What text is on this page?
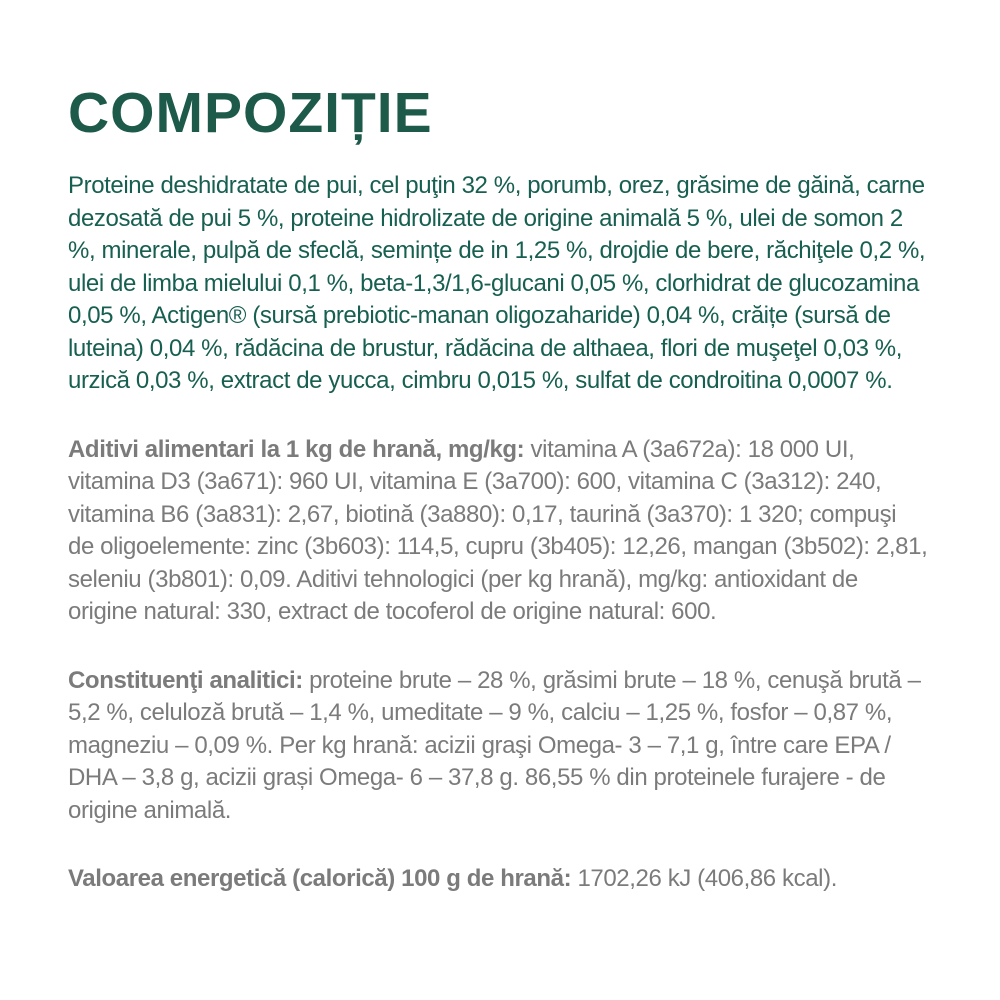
COMPOZIȚIE

Proteine deshidratate de pui, cel puţin 32 %, porumb, orez, grăsime de găină, carne dezosată de pui 5 %, proteine hidrolizate de origine animală 5 %, ulei de somon 2 %, minerale, pulpă de sfeclă, semințe de in 1,25 %, drojdie de bere, răchiţele 0,2 %, ulei de limba mielului 0,1 %, beta-1,3/1,6-glucani 0,05 %, clorhidrat de glucozamina 0,05 %, Actigen® (sursă prebiotic-manan oligozaharide) 0,04 %, crăițe (sursă de luteina) 0,04 %, rădăcina de brustur, rădăcina de althaea, flori de muşeţel 0,03 %, urzică 0,03 %, extract de yucca, cimbru 0,015 %, sulfat de condroitina 0,0007 %.

Aditivi alimentari la 1 kg de hrană, mg/kg: vitamina A (3a672a): 18 000 UI, vitamina D3 (3a671): 960 UI, vitamina E (3a700): 600, vitamina C (3a312): 240, vitamina B6 (3a831): 2,67, biotină (3a880): 0,17, taurină (3a370): 1 320; compuşi de oligoelemente: zinc (3b603): 114,5, cupru (3b405): 12,26, mangan (3b502): 2,81, seleniu (3b801): 0,09. Aditivi tehnologici (per kg hrană), mg/kg: antioxidant de origine natural: 330, extract de tocoferol de origine natural: 600.

Constituenţi analitici: proteine brute – 28 %, grăsimi brute – 18 %, cenuşă brută – 5,2 %, celuloză brută – 1,4 %, umeditate – 9 %, calciu – 1,25 %, fosfor – 0,87 %, magneziu – 0,09 %. Per kg hrană: acizii graşi Omega- 3 – 7,1 g, între care EPA / DHA – 3,8 g, acizii grași Omega- 6 – 37,8 g. 86,55 % din proteinele furajere - de origine animală.

Valoarea energetică (calorică) 100 g de hrană: 1702,26 kJ (406,86 kcal).
